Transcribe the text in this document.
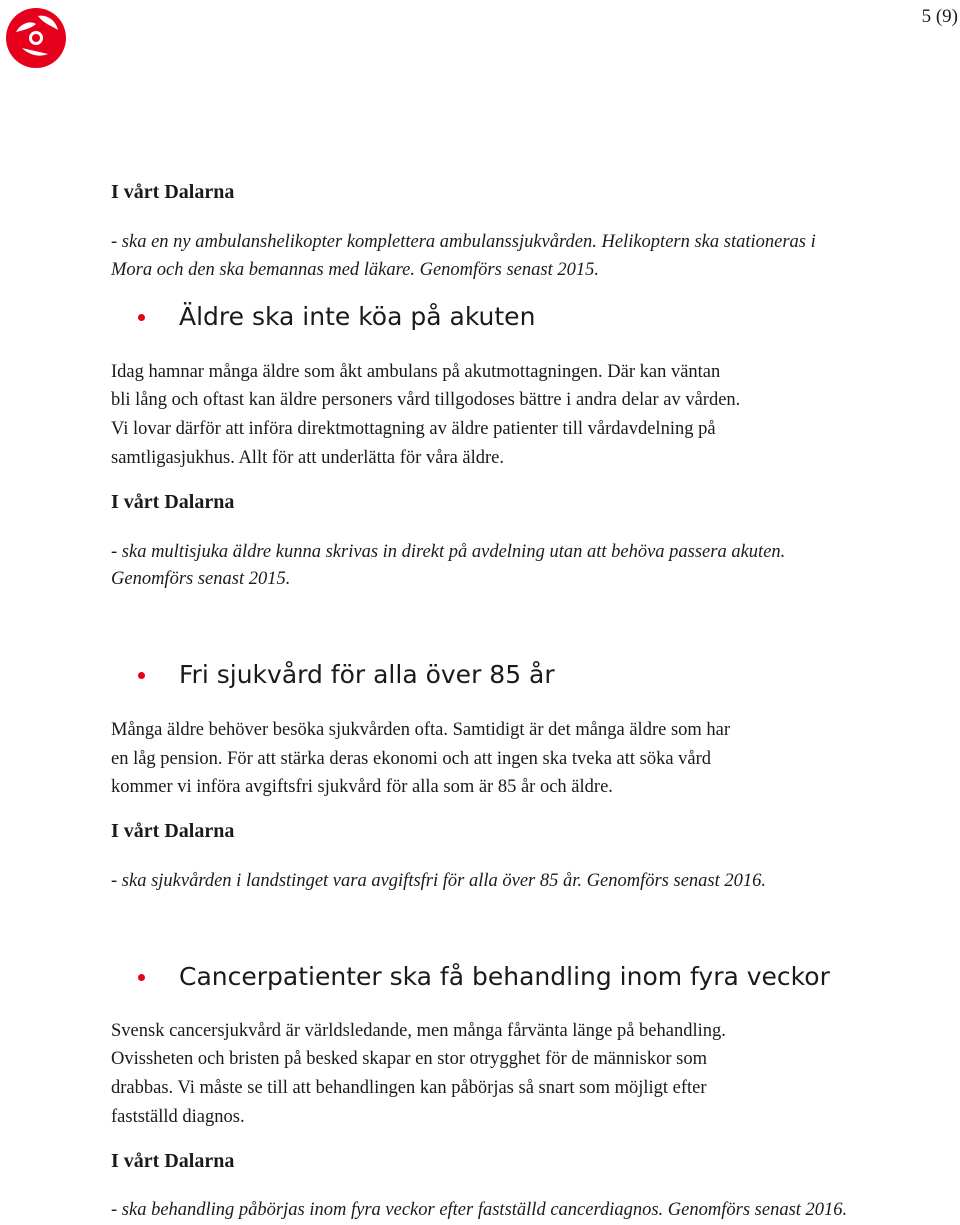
5 (9)
I vårt Dalarna
- ska en ny ambulanshelikopter komplettera ambulanssjukvården. Helikoptern ska stationeras i
Mora och den ska bemannas med läkare. Genomförs senast 2015.
Äldre ska inte köa på akuten
Idag hamnar många äldre som åkt ambulans på akutmottagningen. Där kan väntan
bli lång och oftast kan äldre personers vård tillgodoses bättre i andra delar av vården.
Vi lovar därför att införa direktmottagning av äldre patienter till vårdavdelning på
samtligasjukhus. Allt för att underlätta för våra äldre.
I vårt Dalarna
- ska multisjuka äldre kunna skrivas in direkt på avdelning utan att behöva passera akuten.
Genomförs senast 2015.
Fri sjukvård för alla över 85 år
Många äldre behöver besöka sjukvården ofta. Samtidigt är det många äldre som har
en låg pension. För att stärka deras ekonomi och att ingen ska tveka att söka vård
kommer vi införa avgiftsfri sjukvård för alla som är 85 år och äldre.
I vårt Dalarna
- ska sjukvården i landstinget vara avgiftsfri för alla över 85 år. Genomförs senast 2016.
Cancerpatienter ska få behandling inom fyra veckor
Svensk cancersjukvård är världsledande, men många fårvänta länge på behandling.
Ovissheten och bristen på besked skapar en stor otrygghet för de människor som
drabbas. Vi måste se till att behandlingen kan påbörjas så snart som möjligt efter
fastställd diagnos.
I vårt Dalarna
- ska behandling påbörjas inom fyra veckor efter fastställd cancerdiagnos. Genomförs senast 2016.
